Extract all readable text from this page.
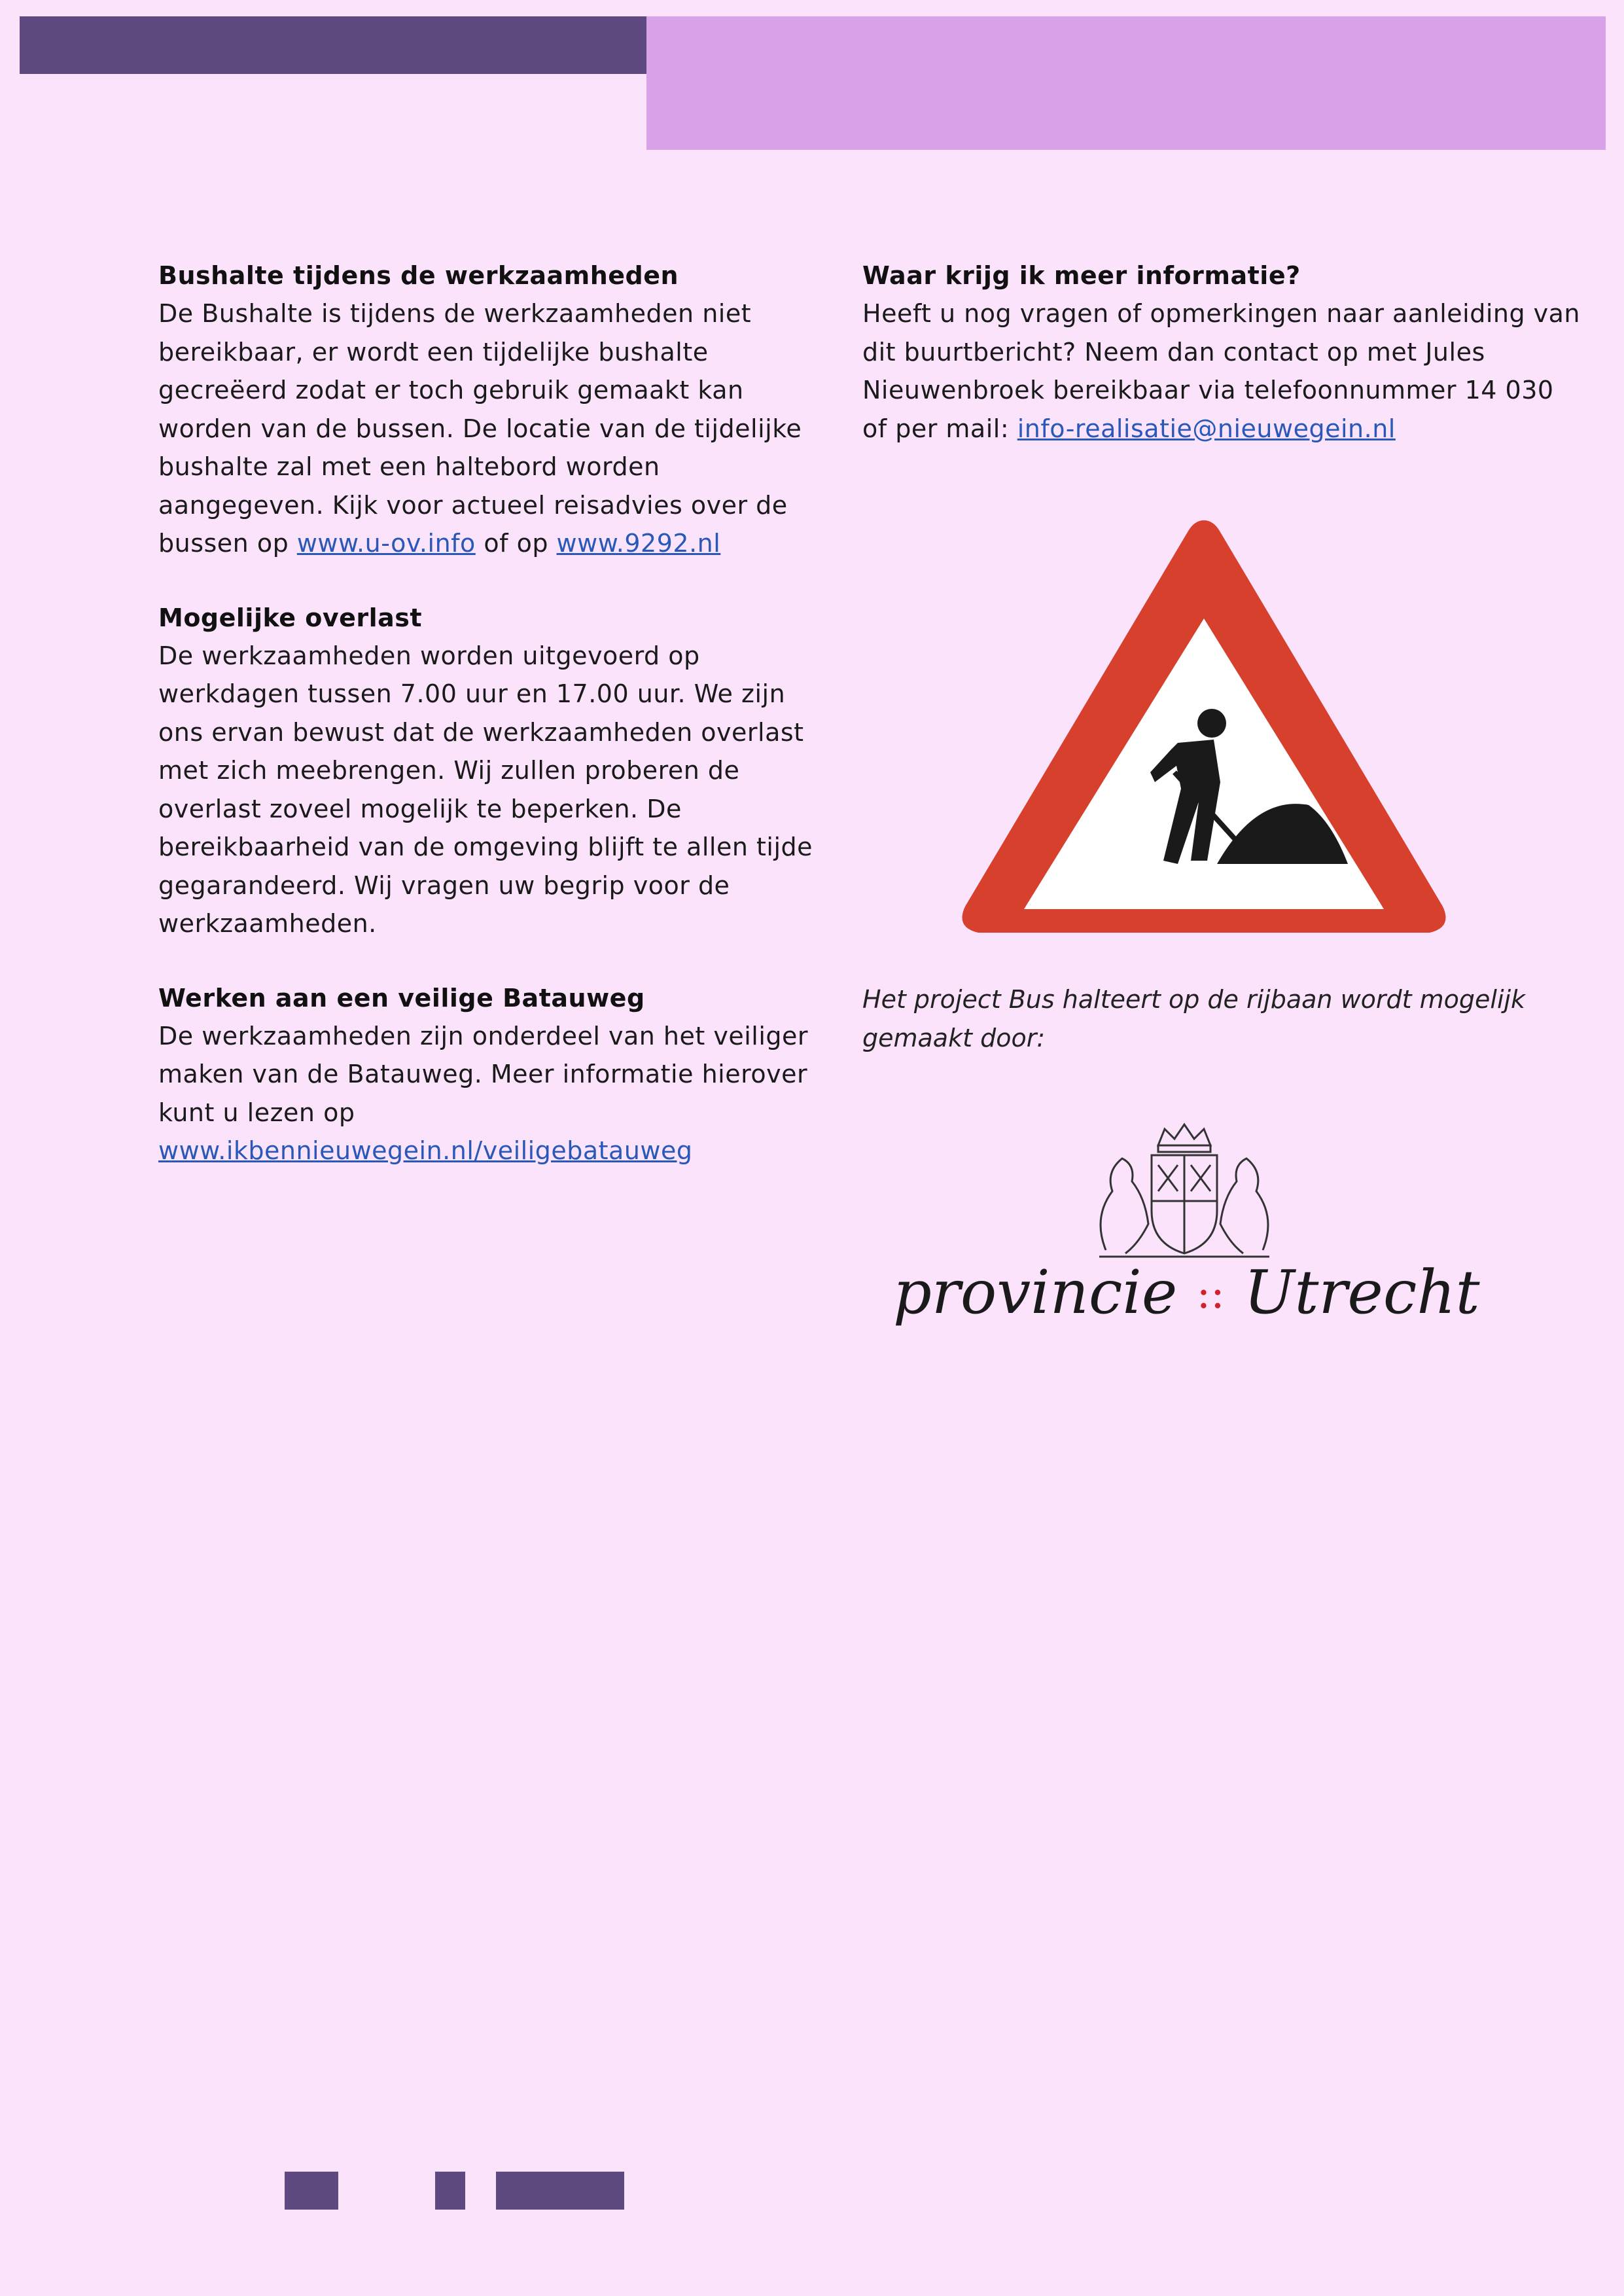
Bushalte tijdens de werkzaamheden

De Bushalte is tijdens de werkzaamheden niet bereikbaar, er wordt een tijdelijke bushalte gecreëerd zodat er toch gebruik gemaakt kan worden van de bussen. De locatie van de tijdelijke bushalte zal met een haltebord worden aangegeven. Kijk voor actueel reisadvies over de bussen op www.u-ov.info of op www.9292.nl

Mogelijke overlast

De werkzaamheden worden uitgevoerd op werkdagen tussen 7.00 uur en 17.00 uur. We zijn ons ervan bewust dat de werkzaamheden overlast met zich meebrengen. Wij zullen proberen de overlast zoveel mogelijk te beperken. De bereikbaarheid van de omgeving blijft te allen tijde gegarandeerd. Wij vragen uw begrip voor de werkzaamheden.

Werken aan een veilige Batauweg

De werkzaamheden zijn onderdeel van het veiliger maken van de Batauweg. Meer informatie hierover kunt u lezen op www.ikbennieuwegein.nl/veiligebatauweg

Waar krijg ik meer informatie?

Heeft u nog vragen of opmerkingen naar aanleiding van dit buurtbericht? Neem dan contact op met Jules Nieuwenbroek bereikbaar via telefoonnummer 14 030 of per mail: info-realisatie@nieuwegein.nl

Het project Bus halteert op de rijbaan wordt mogelijk gemaakt door:
provincie :: Utrecht
